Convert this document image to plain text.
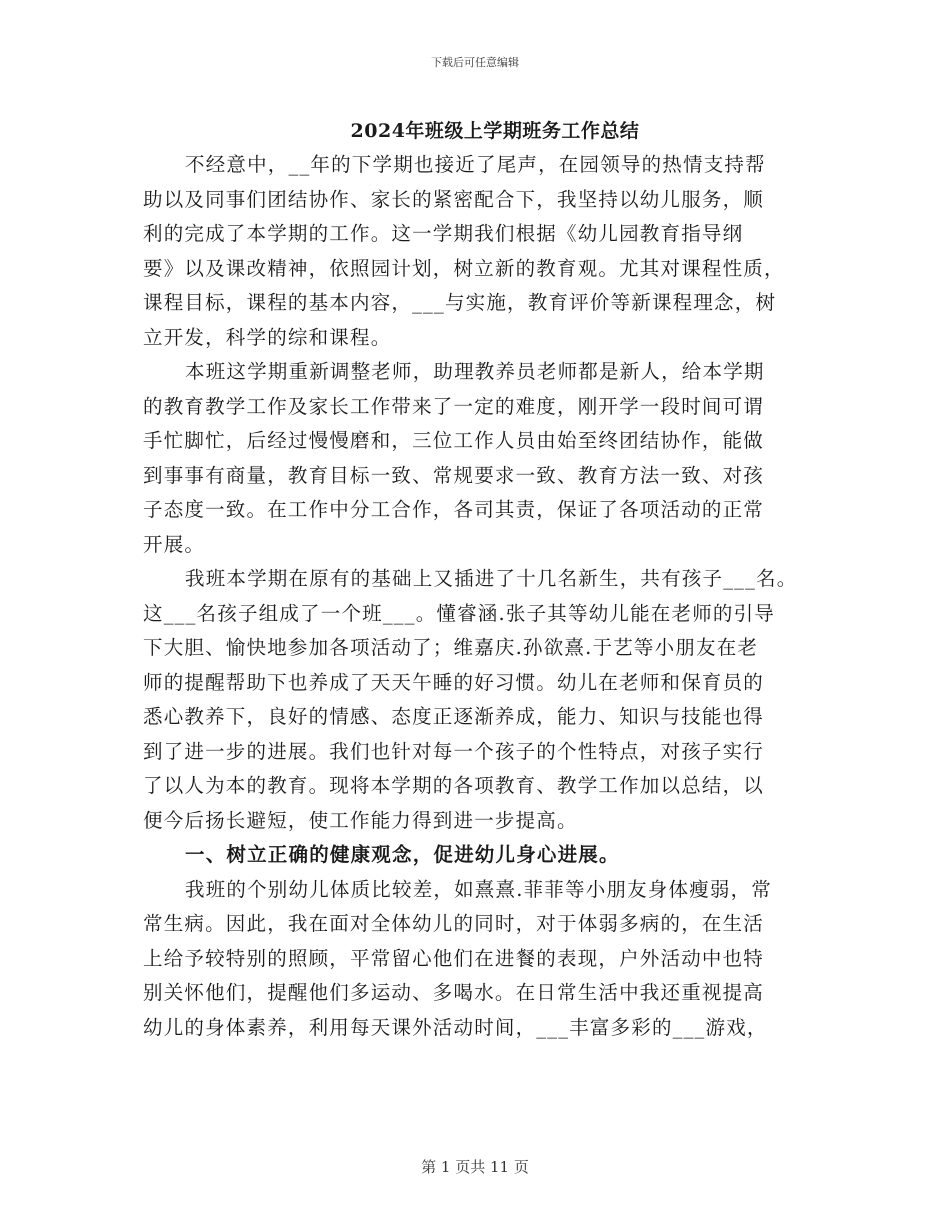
下载后可任意编辑
2024年班级上学期班务工作总结
不经意中，__年的下学期也接近了尾声，在园领导的热情支持帮
助以及同事们团结协作、家长的紧密配合下，我坚持以幼儿服务，顺
利的完成了本学期的工作。这一学期我们根据《幼儿园教育指导纲
要》以及课改精神，依照园计划，树立新的教育观。尤其对课程性质，
课程目标，课程的基本内容，___与实施，教育评价等新课程理念，树
立开发，科学的综和课程。
本班这学期重新调整老师，助理教养员老师都是新人，给本学期
的教育教学工作及家长工作带来了一定的难度，刚开学一段时间可谓
手忙脚忙，后经过慢慢磨和，三位工作人员由始至终团结协作，能做
到事事有商量，教育目标一致、常规要求一致、教育方法一致、对孩
子态度一致。在工作中分工合作，各司其责，保证了各项活动的正常
开展。
我班本学期在原有的基础上又插进了十几名新生，共有孩子___名。
这___名孩子组成了一个班___。懂睿涵.张子其等幼儿能在老师的引导
下大胆、愉快地参加各项活动了；维嘉庆.孙欲熹.于艺等小朋友在老
师的提醒帮助下也养成了天天午睡的好习惯。幼儿在老师和保育员的
悉心教养下，良好的情感、态度正逐渐养成，能力、知识与技能也得
到了进一步的进展。我们也针对每一个孩子的个性特点，对孩子实行
了以人为本的教育。现将本学期的各项教育、教学工作加以总结，以
便今后扬长避短，使工作能力得到进一步提高。
一、树立正确的健康观念，促进幼儿身心进展。
我班的个别幼儿体质比较差，如熹熹.菲菲等小朋友身体瘦弱，常
常生病。因此，我在面对全体幼儿的同时，对于体弱多病的，在生活
上给予较特别的照顾，平常留心他们在进餐的表现，户外活动中也特
别关怀他们，提醒他们多运动、多喝水。在日常生活中我还重视提高
幼儿的身体素养，利用每天课外活动时间，___丰富多彩的___游戏，
第 1 页共 11 页
